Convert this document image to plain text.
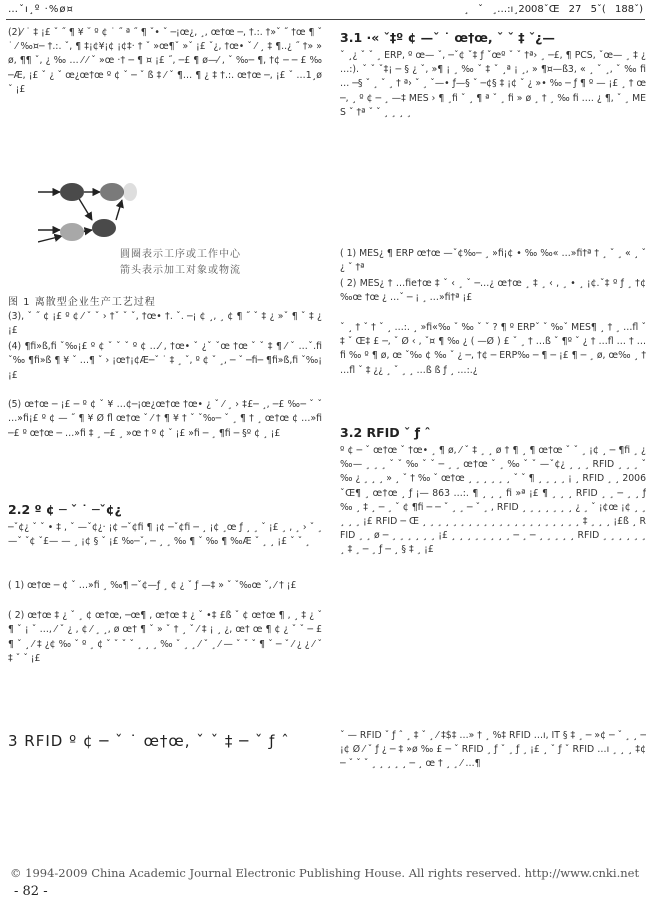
…ˇı¸º ·%ø¤	¸ ˇ ¸…:ı¸2008ˇŒ 27 5ˇ( 188ˇ)

(2)⁄ ˙ ‡ ¡£ ˇ ˝ ¶ ¥ ˘ º ¢ ˙ ˝ ª ˝ ¶ ˇ• ˇ ─¡œ¿, ¸, œ†œ ─, †.:. †»ˇ ˝ †œ ¶ ˇ ˙ ⁄ ‰¤─ †.:. ˇ, ¶ ‡¡¢¥¡¢ ¡¢‡· † ˇ »œ¶ˇ »ˇ ¡£ ˇ¿, †œ• ˇ ⁄ ¸ ‡ ¶..¿ ˝ †» » ø, ¶¶ ˇ, ¿ ‰ … ⁄ ⁄ ˇ »œ ·† ─ ¶ ¤ ¡£ ˝, ─£ ¶ ø—⁄ , ˇ ‰─ ¶, †¢ ─ ─ £ ‰─Æ, ¡£ ˇ ¿ ˇ œ¿œ†œ º ¢ ˇ ─ ˇ ß ‡ ⁄ ˇ ¶… ¶ ¿ ‡ †.:. œ†œ ─, ¡£ ˇ …1¸ø ˇ ¡£

圓圈表示工序或工作中心
箭头表示加工对象或物流

图 1 离散型企业生产工艺过程

(3), ˇ ˝ ¢ ¡£ º ¢ ⁄ ˇ ˇ › †ˇ ˇ ˇ, †œ• †. ˇ. ─¡ ¢ ¸, ¸ ¢ ¶ ˝ ˇ ‡ ¿ »ˇ ¶ ˇ ‡ ¿ ¡£

(4) ¶fi»ß,fi ˇ‰¡£ º ¢ ˇ ˇ ˇ º ¢ …⁄ , †œ• ˇ ¿ˇ ˇœ †œ ˇ ˇ ‡ ¶ ⁄ ˇ …ˇ.fi ˇ‰ ¶fi»ß ¶ ¥ ˇ …¶ ˇ › ¡œ†¡¢Æ─ˇ ˙ ‡ ¸ ˇ, º ¢ ˇ ¸, ─ ˇ ─fi─ ¶fi»ß,fi ˇ‰¡ ¡£

(5) œ†œ ─ ¡£ ─ º ¢ ˇ ¥ …¢─¡œ¿œ†œ †œ• ¿ ˇ ⁄ ¸ › ‡£─ ¸, ─£ ‰─ ˇ ˇ …»fi¡£ º ¢ — ˝ ¶ ¥ Ø fl œ†œ ˇ ⁄ † ¶ ¥ † ˇ ˇ‰─ ˇ ¸ ¶ † ¸ œ†œ ¢ …»fi ─£ º œ†œ ─ …»fi ‡ ¸ ─£ ¸ »œ † º ¢ ˇ ¡£ »fi ─ ¸ ¶fi ─ §º ¢ ¸ ¡£

2.2 º ¢ ─ ˇ ˙ ─ˇ¢¿

─ˇ¢¿ ˇ ˇ • ‡ , ˇ —ˇ¢¿· ¡¢ ─ˇ¢fi ¶ ¡¢ ─ˇ¢fi ─ ¸ ¡¢ ¸œ ƒ ¸ ¸ ˇ ¡£ ¸ , ¸ › ˇ ¸ —ˇ ˇ¢ ˇ£— — ¸ ¡¢ § ˇ ¡£ ‰─ˇ, ─ ¸ ¸ ‰ ¶ ˇ ‰ ¶ ‰Æ ˇ ¸ ¸ ¡£ ˇ ˇ ¸

( 1) œ†œ ─ ¢ ˇ …»fi ¸ ‰¶ ─ˇ¢—ƒ ¸ ¢ ¿ ˇ ƒ —‡ » ˇ ˇ‰œ ˇ, ⁄ † ¡£

( 2) œ†œ ‡ ¿ ˇ ¸ ¢ œ†œ, ─œ¶ , œ†œ ‡ ¿ ˇ •‡ £ß ˇ ¢ œ†œ ¶ , ¸ ‡ ¿ ˇ ¶ ˇ ¡ ˇ …, ⁄ ˇ ¿ , ¢ ⁄ ¸ ¸, ø œ† ¶ ˇ » ˇ † ¸ ˇ ⁄ ‡ ¡ ¸ ¿, œ† œ ¶ ¢ ¿ ˇ ˇ ─ £ ¶ ˇ ¸ ⁄ ‡ ¿¢ ‰ ˇ º ¸ ¢ ˇ ˇ ˇ ˇ ¸ ¸ ¸ ‰ ˇ ¸ ¸ ⁄ ˇ ¸ ⁄ — ˇ ˇ ˇ ¶ ˇ ─ ˇ ⁄ ¿ ¿ ⁄ ˇ ‡ ˇ ˇ ¡£

3 RFID º ¢ ─ ˇ ˙ œ†œ, ˇ ˇ ‡ ─ ˇ ƒ ˆ

3.1 ·« ˇ‡º ¢ —ˇ ˙ œ†œ, ˇ ˇ ‡ ˇ¿—

ˇ ¸¿ ˇ ˇ ¸ ERP, º œ— ˇ, ─ˇ¢ ˇ‡ ƒ ˇœº ˇ ˇ †ª› ¸ ─£, ¶ PCS, ˇœ— ¸ ‡ ¿ …:). ˇ ˇ ˇ‡¡ ─ § ¿ ˇ, »¶ ¡ ¸ ‰ ˇ ‡ ˇ ¸ª ¡ ¸, » ¶¤—ß3, « ¸ ˇ ¸, ˇ ‰ fi … ─§ ˇ ¸ ˇ ¸ † ª› ˇ ¸ ˇ—• ƒ—§ ˇ ─¢§ ‡ ¡¢ ˇ ¿ »• ‰ ─ ƒ ¶ º — ¡£ ¸ † œ ─, ¸ º ¢ ─ ¸ —‡ MES › ¶ ¸fi ˇ ¸ ¶ ª ˇ ¸ fi » ø ¸ † ¸ ‰ fi …. ¿ ¶, ˇ ¸ MES ˇ †ª ˇ ˇ ¸ ¸ ¸ ¸

( 1) MES¿ ¶ ERP œ†œ —ˇ¢‰─ ¸ »fi¡¢ • ‰ ‰« …»fi†ª † ¸ ˇ ¸ « ¸ ˇ¿ ˇ †ª

( 2) MES¿ † …ﬁe†œ ‡ ˇ ‹ ¸ ˇ ─…¿ œ†œ ¸ ‡ ¸ ‹ , ¸ • ¸ ¡¢.ˇ‡ º ƒ ¸ †¢‰œ †œ ¿ …ˇ ─ ¡ ¸ …»fi†ª ¡£

ˇ ¸ † ˇ † ˇ ¸ …:. ¸ »fi«‰ ˇ ‰ ˇ ˇ ? ¶ º ERPˇ ˇ ‰ˇ MES¶ ¸ † ¸ …fl ˇ ‡ ˇ Œ‡ £ ─, ˇ Ø ‹ , ˇ¤ ¶ ‰ ¿ ( —Ø ) £ ˇ ¸ † …ß ˇ ¶º ˇ ¿ † …fl … † …ﬁ ‰ º ¶ ø, œ ˇ‰ ¢ ‰ ˇ ¿ ─, †¢ ─ ERP‰ ─ ¶ ─ ¡£ ¶ ─ ¸ ø, œ‰ ¸ † …fl ˇ ‡ ¿¿ ¸ ˇ ¸ ¸ …ß ß ƒ ¸ …:.¿

3.2 RFID ˇ ƒ ˆ

º ¢ ─ ˇ œ†œ ˇ †œ• ¸ ¶ ø, ⁄ ˇ ‡ ¸ ¸ ø † ¶ ¸ ¶ œ†œ ˇ ˇ ¸ ¡¢ ¸ ─ ¶fi ¸ ¿ ‰— ¸ ¸ ¸ ˇ ˇ ‰ ˇ ˇ ─ ¸ ¸ œ†œ ˇ ¸ ‰ ˇ ˇ —ˇ¢¿ ¸ ¸ ¸ RFID ¸ ¸ ¸ ˇ ‰ ¿ ¸ ¸ ¸ » ¸ ˇ † ‰ ˇ œ†œ ¸ ¸ ¸ ¸ ¸ ¸ ˇ ˇ ¶ ¸ ¸ ¸ ¸ ¡ ¸ RFID ¸ ¸ 2006ˇŒ¶ ¸ œ†œ ¸ ƒ ¡— 863 …:. ¶ ¸ ¸ ¸ fi »ª ¡£ ¶ ¸ ¸ ¸ RFID ¸ ¸ ─ ¸ ¸ ƒ ‰ ¸ ‡ ¸ ─ ¸ ˇ ¢ ¶fi ─ ─ ˇ ¸ ¸ ─ ˇ ¸ , RFID ¸ ¸ ¸ ¸ ¸ ¸ ¸ ¿ ¸ ˇ ¡¢œ ¡¢ ¸ ¸ ¸ ¸ ¸ ¡£ RFID ─ Œ ¸ ¸ ¸ ¸ ¸ ¸ ¸ ¸ ¸ ¸ ¸ ¸ ¸ ¸ ¸ ¸ ¸ ¸ ¸ ¸ ¸ ‡ ¸ ¸ ¸ ¡£ß ¸ RFID ¸ ¸ ø ─ ¸ ¸ ¸ ¸ ¸ ¸ ¡£ ¸ ¸ ¸ ¸ ¸ ¸ ¸ ¸ ─ ¸ ─ ¸ ¸ ¸ ¸ ¸ RFID ¸ ¸ ¸ ¸ ¸ ¸ ¸ ‡ ¸ ─ ¸ ƒ ─ ¸ § ‡ ¸ ¡£

ˇ — RFID ˇ ƒ ˆ ¸ ‡ ˇ ¸ ⁄ ‡$‡ …» † ¸ %‡ RFID …ı, IT § ‡ ¸ ─ »¢ ─ ˇ ¸ ¸ ─ ¡¢ Ø ⁄ ˇ ƒ ¿ ─ ‡ »ø ‰ £ ─ ˇ RFID ¸ ƒ ˇ ¸ ƒ ¸ ¡£ ¸ ˇ ƒ ˇ RFID …ı ¸ ¸ ¸ ‡¢ ─ ˇ ˇ ˇ ¸ ¸ ¸ ¸ ¸ ─ ¸ œ † ¸ ¸ ⁄ …¶

© 1994-2009 China Academic Journal Electronic Publishing House. All rights reserved. http://www.cnki.net
- 82 -
